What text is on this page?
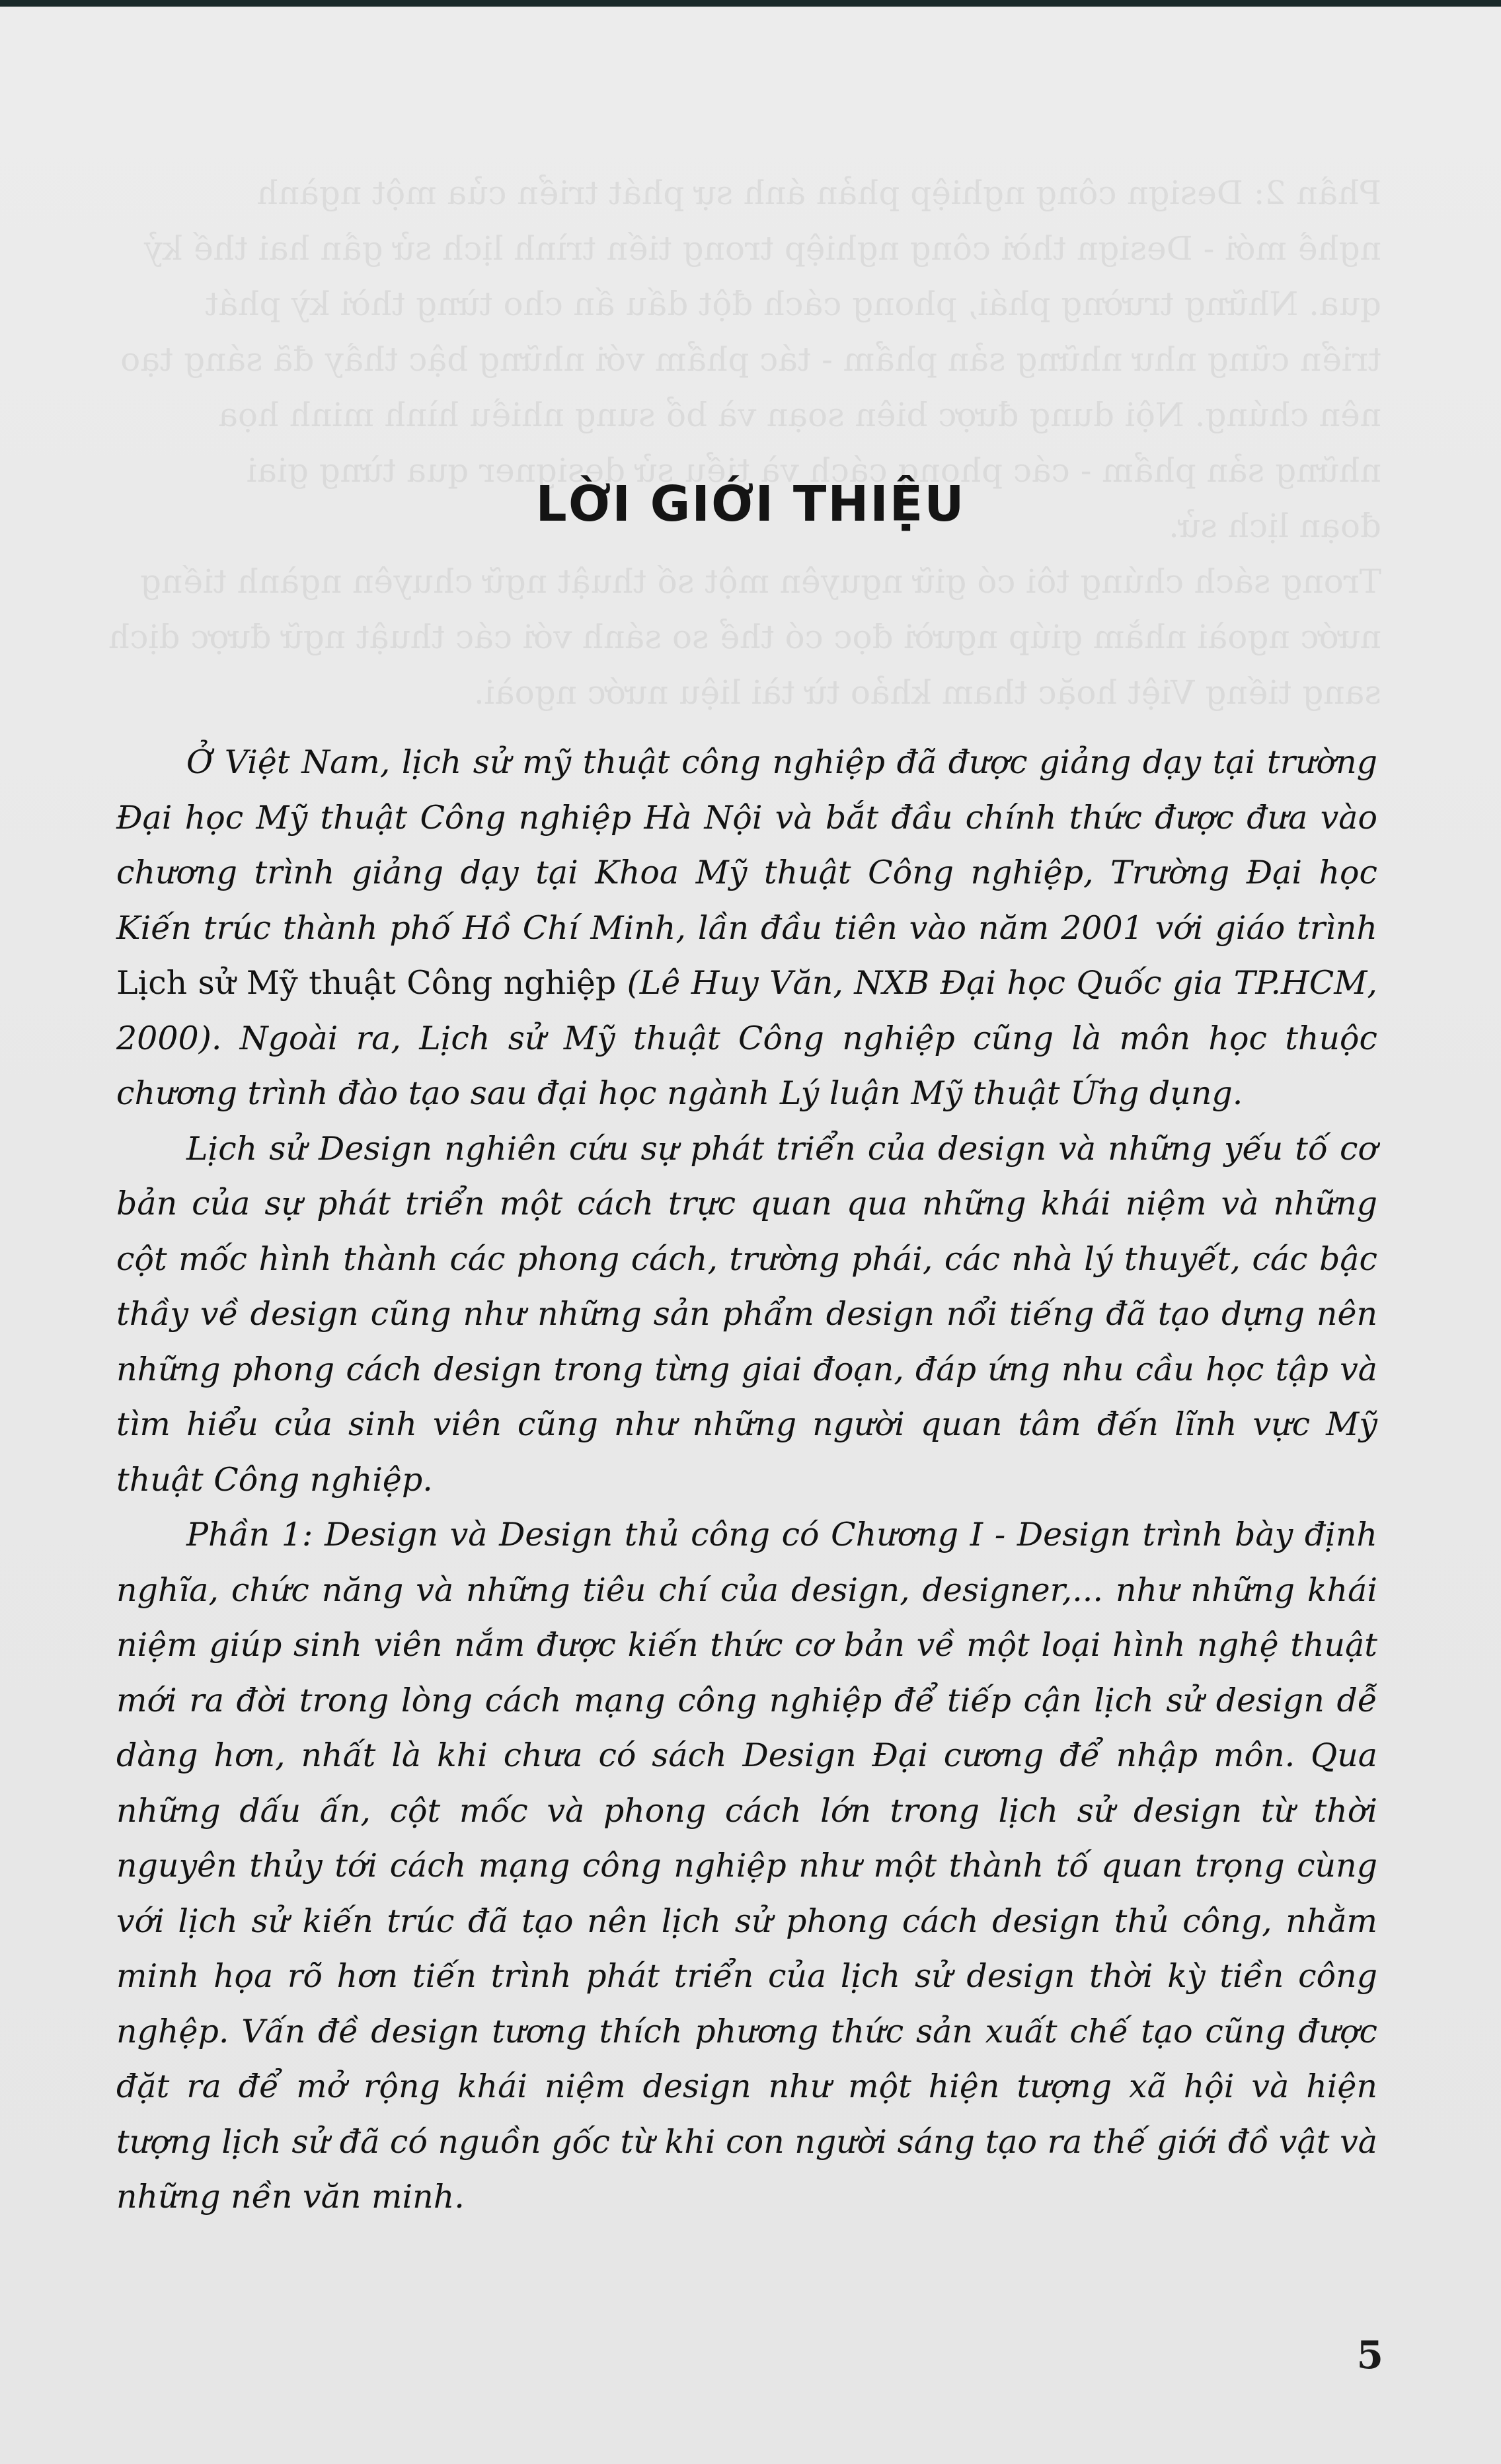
Phần 2: Design công nghiệp phản ánh sự phát triển của một ngành
nghề mới - Design thời công nghiệp trong tiến trình lịch sử gần hai thế kỷ
qua. Những trường phái, phong cách đột dấu ấn cho từng thời kỳ phát
triển cũng như những sản phẩm - tác phẩm với những bậc thầy đã sáng tạo
nên chúng. Nội dung được biên soạn và bổ sung nhiều hình minh họa
những sản phẩm - các phong cách và tiểu sử designer qua từng giai
đoạn lịch sử.
Trong sách chúng tôi có giữ nguyên một số thuật ngữ chuyên ngành tiếng
nước ngoài nhằm giúp người đọc có thể so sánh với các thuật ngữ được dịch
sang tiếng Việt hoặc tham khảo từ tài liệu nước ngoài.
LỜI GIỚI THIỆU

Ở Việt Nam, lịch sử mỹ thuật công nghiệp đã được giảng dạy tại trường Đại học Mỹ thuật Công nghiệp Hà Nội và bắt đầu chính thức được đưa vào chương trình giảng dạy tại Khoa Mỹ thuật Công nghiệp, Trường Đại học Kiến trúc thành phố Hồ Chí Minh, lần đầu tiên vào năm 2001 với giáo trình Lịch sử Mỹ thuật Công nghiệp (Lê Huy Văn, NXB Đại học Quốc gia TP.HCM, 2000). Ngoài ra, Lịch sử Mỹ thuật Công nghiệp cũng là môn học thuộc chương trình đào tạo sau đại học ngành Lý luận Mỹ thuật Ứng dụng.

Lịch sử Design nghiên cứu sự phát triển của design và những yếu tố cơ bản của sự phát triển một cách trực quan qua những khái niệm và những cột mốc hình thành các phong cách, trường phái, các nhà lý thuyết, các bậc thầy về design cũng như những sản phẩm design nổi tiếng đã tạo dựng nên những phong cách design trong từng giai đoạn, đáp ứng nhu cầu học tập và tìm hiểu của sinh viên cũng như những người quan tâm đến lĩnh vực Mỹ thuật Công nghiệp.

Phần 1: Design và Design thủ công có Chương I - Design trình bày định nghĩa, chức năng và những tiêu chí của design, designer,... như những khái niệm giúp sinh viên nắm được kiến thức cơ bản về một loại hình nghệ thuật mới ra đời trong lòng cách mạng công nghiệp để tiếp cận lịch sử design dễ dàng hơn, nhất là khi chưa có sách Design Đại cương để nhập môn. Qua những dấu ấn, cột mốc và phong cách lớn trong lịch sử design từ thời nguyên thủy tới cách mạng công nghiệp như một thành tố quan trọng cùng với lịch sử kiến trúc đã tạo nên lịch sử phong cách design thủ công, nhằm minh họa rõ hơn tiến trình phát triển của lịch sử design thời kỳ tiền công nghệp. Vấn đề design tương thích phương thức sản xuất chế tạo cũng được đặt ra để mở rộng khái niệm design như một hiện tượng xã hội và hiện tượng lịch sử đã có nguồn gốc từ khi con người sáng tạo ra thế giới đồ vật và những nền văn minh.

5
